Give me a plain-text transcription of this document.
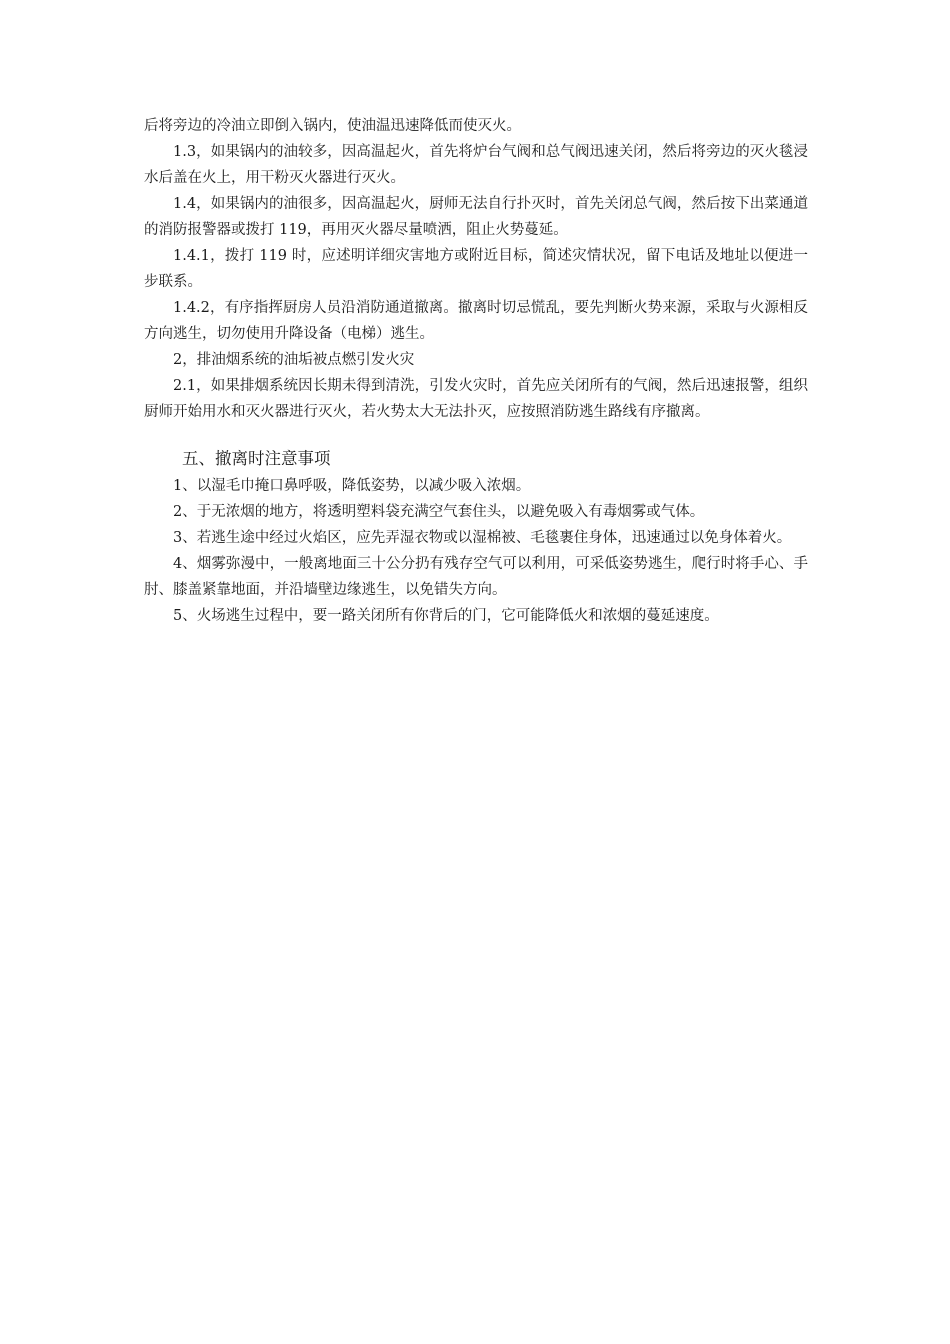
后将旁边的冷油立即倒入锅内，使油温迅速降低而使灭火。

1.3，如果锅内的油较多，因高温起火，首先将炉台气阀和总气阀迅速关闭，然后将旁边的灭火毯浸水后盖在火上，用干粉灭火器进行灭火。

1.4，如果锅内的油很多，因高温起火，厨师无法自行扑灭时，首先关闭总气阀，然后按下出菜通道的消防报警器或拨打 119，再用灭火器尽量喷洒，阻止火势蔓延。

1.4.1，拨打 119 时，应述明详细灾害地方或附近目标，简述灾情状况，留下电话及地址以便进一步联系。

1.4.2，有序指挥厨房人员沿消防通道撤离。撤离时切忌慌乱，要先判断火势来源，采取与火源相反方向逃生，切勿使用升降设备（电梯）逃生。

2，排油烟系统的油垢被点燃引发火灾

2.1，如果排烟系统因长期未得到清洗，引发火灾时，首先应关闭所有的气阀，然后迅速报警，组织厨师开始用水和灭火器进行灭火，若火势太大无法扑灭，应按照消防逃生路线有序撤离。

五、撤离时注意事项

1、以湿毛巾掩口鼻呼吸，降低姿势，以减少吸入浓烟。

2、于无浓烟的地方，将透明塑料袋充满空气套住头，以避免吸入有毒烟雾或气体。

3、若逃生途中经过火焰区，应先弄湿衣物或以湿棉被、毛毯裹住身体，迅速通过以免身体着火。

4、烟雾弥漫中，一般离地面三十公分扔有残存空气可以利用，可采低姿势逃生，爬行时将手心、手肘、膝盖紧靠地面，并沿墙壁边缘逃生，以免错失方向。

5、火场逃生过程中，要一路关闭所有你背后的门，它可能降低火和浓烟的蔓延速度。
